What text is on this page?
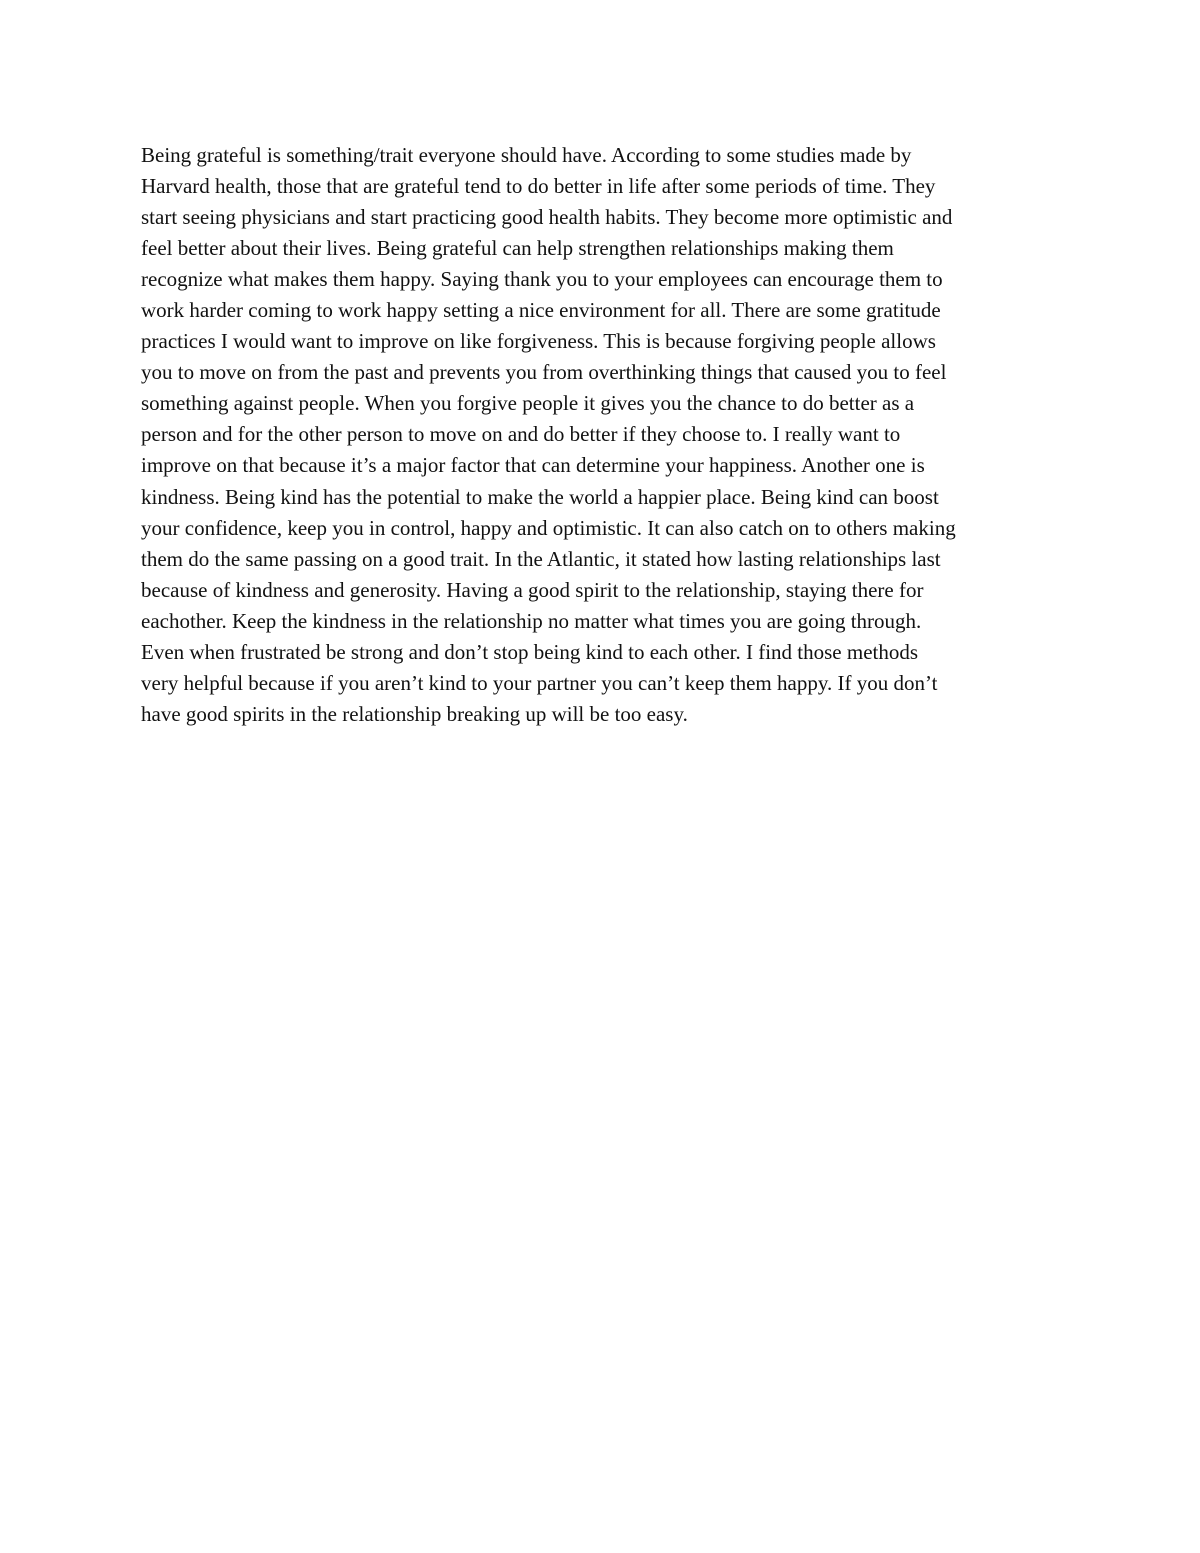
Being grateful is something/trait everyone should have. According to some studies made by
Harvard health, those that are grateful tend to do better in life after some periods of time. They
start seeing physicians and start practicing good health habits. They become more optimistic and
feel better about their lives. Being grateful can help strengthen relationships making them
recognize what makes them happy. Saying thank you to your employees can encourage them to
work harder coming to work happy setting a nice environment for all. There are some gratitude
practices I would want to improve on like forgiveness. This is because forgiving people allows
you to move on from the past and prevents you from overthinking things that caused you to feel
something against people. When you forgive people it gives you the chance to do better as a
person and for the other person to move on and do better if they choose to. I really want to
improve on that because it’s a major factor that can determine your happiness. Another one is
kindness. Being kind has the potential to make the world a happier place. Being kind can boost
your confidence, keep you in control, happy and optimistic. It can also catch on to others making
them do the same passing on a good trait. In the Atlantic, it stated how lasting relationships last
because of kindness and generosity. Having a good spirit to the relationship, staying there for
eachother. Keep the kindness in the relationship no matter what times you are going through.
Even when frustrated be strong and don’t stop being kind to each other. I find those methods
very helpful because if you aren’t kind to your partner you can’t keep them happy. If you don’t
have good spirits in the relationship breaking up will be too easy.
